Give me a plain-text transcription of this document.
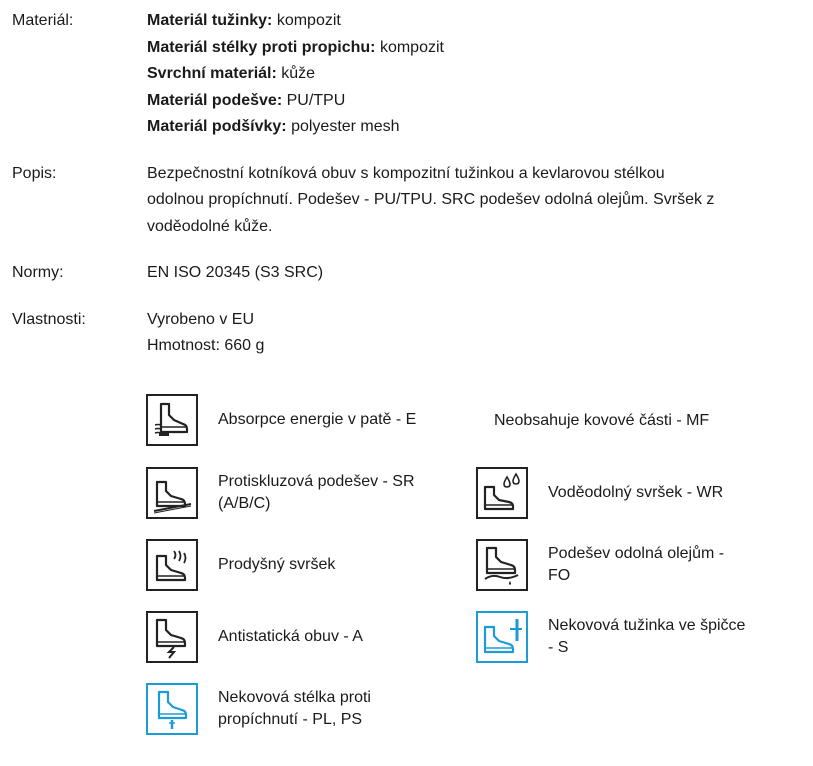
Materiál:	Materiál tužinky: kompozit
Materiál stélky proti propichu: kompozit
Svrchní materiál: kůže
Materiál podešve: PU/TPU
Materiál podšívky: polyester mesh
Popis:	Bezpečnostní kotníková obuv s kompozitní tužinkou a kevlarovou stélkou
odolnou propíchnutí. Podešev - PU/TPU. SRC podešev odolná olejům. Svršek z
voděodolné kůže.
Normy:	EN ISO 20345 (S3 SRC)
Vlastnosti:	Vyrobeno v EU
Hmotnost: 660 g
Absorpce energie v patě - E
Protiskluzová podešev - SR
(A/B/C)
Prodyšný svršek
Antistatická obuv - A
Nekovová stélka proti
propíchnutí - PL, PS
Neobsahuje kovové části - MF
Voděodolný svršek - WR
Podešev odolná olejům -
FO
Nekovová tužinka ve špičce
- S
